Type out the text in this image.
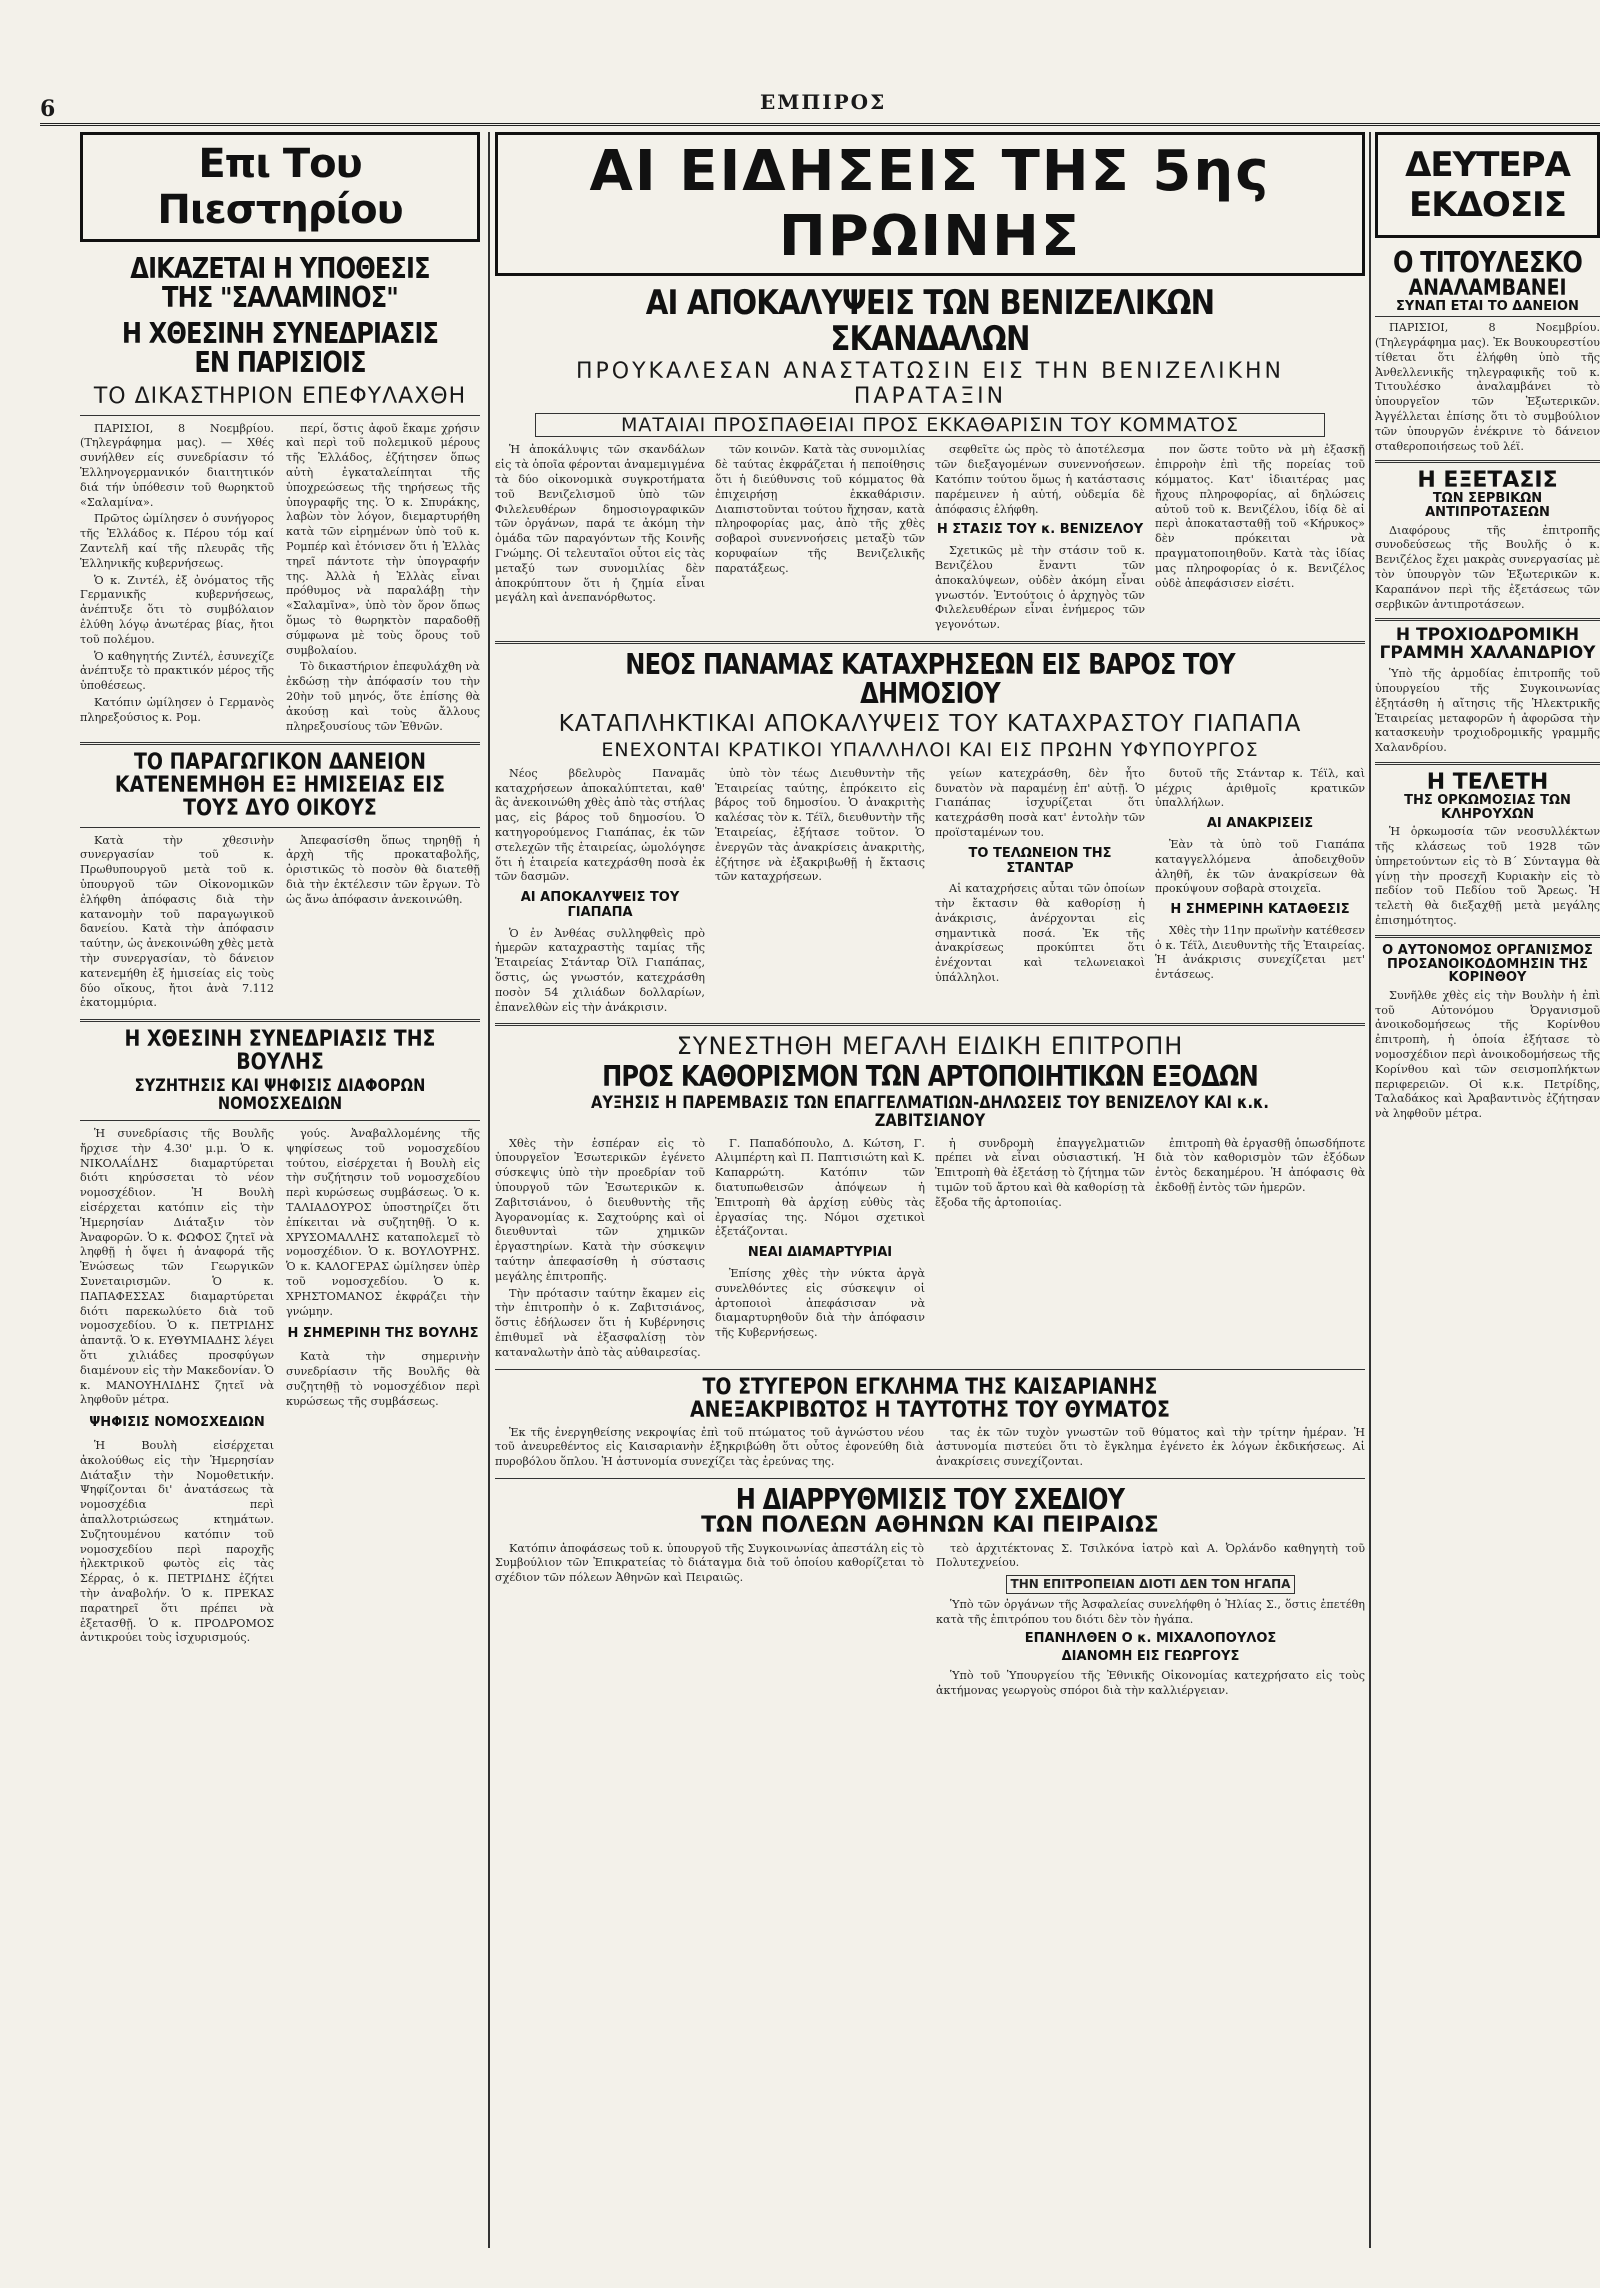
6	ΕΜΠΙΡΟΣ
Επι Του Πιεστηρίου
ΔΙΚΑΖΕΤΑΙ Η ΥΠΟΘΕΣΙΣ ΤΗΣ "ΣΑΛΑΜΙΝΟΣ"
Η ΧΘΕΣΙΝΗ ΣΥΝΕΔΡΙΑΣΙΣ ΕΝ ΠΑΡΙΣΙΟΙΣ
ΤΟ ΔΙΚΑΣΤΗΡΙΟΝ ΕΠΕΦΥΛΑΧΘΗ

ΠΑΡΙΣΙΟΙ, 8 Νοεμβρίου. (Τηλεγράφημα μας). — Χθές συνήλθεν είς συνεδρίασιν τό Ἑλληνογερμανικόν διαιτητικόν διά τήν ὑπόθεσιν τοῦ θωρηκτοῦ «Σαλαμίνα».

Πρῶτος ὡμίλησεν ὁ συνήγορος τῆς Ἑλλάδος κ. Πέρου τόμ καί Ζαντελῆ καί τῆς πλευρᾶς τῆς Ἑλληνικῆς κυβερνήσεως.

Ὁ κ. Ζιντέλ, ἐξ ὀνόματος τῆς Γερμανικῆς κυβερνήσεως, ἀνέπτυξε ὅτι τὸ συμβόλαιον ἐλύθη λόγῳ ἀνωτέρας βίας, ἤτοι τοῦ πολέμου.

Ὁ καθηγητής Ζιντέλ, ἐσυνεχίζε ἀνέπτυξε τὸ πρακτικόν μέρος τῆς ὑποθέσεως.

Κατόπιν ὡμίλησεν ὁ Γερμανὸς πληρεξούσιος κ. Ρομ.

περί, ὅστις ἀφοῦ ἔκαμε χρήσιν καὶ περὶ τοῦ πολεμικοῦ μέρους τῆς Ἑλλάδος, ἐζήτησεν ὅπως αὐτὴ ἐγκαταλείπηται τῆς ὑποχρεώσεως τῆς τηρήσεως τῆς ὑπογραφῆς της. Ὁ κ. Σπυράκης, λαβὼν τὸν λόγον, διεμαρτυρήθη κατὰ τῶν εἰρημένων ὑπὸ τοῦ κ. Ρομπέρ καὶ ἐτόνισεν ὅτι ἡ Ἑλλὰς τηρεῖ πάντοτε τὴν ὑπογραφήν της. Ἀλλὰ ἡ Ἑλλὰς εἶναι πρόθυμος νὰ παραλάβῃ τὴν «Σαλαμῖνα», ὑπὸ τὸν ὅρον ὅπως ὅμως τὸ θωρηκτὸν παραδοθῇ σύμφωνα μὲ τοὺς ὅρους τοῦ συμβολαίου.

Τὸ δικαστήριον ἐπεφυλάχθη νὰ ἐκδώσῃ τὴν ἀπόφασίν του τὴν 20ὴν τοῦ μηνός, ὅτε ἐπίσης θὰ ἀκούσῃ καὶ τοὺς ἄλλους πληρεξουσίους τῶν Ἐθνῶν.

ΤΟ ΠΑΡΑΓΩΓΙΚΟΝ ΔΑΝΕΙΟΝ ΚΑΤΕΝΕΜΗΘΗ ΕΞ ΗΜΙΣΕΙΑΣ ΕΙΣ ΤΟΥΣ ΔΥΟ ΟΙΚΟΥΣ

Κατὰ τὴν χθεσινὴν συνεργασίαν τοῦ κ. Πρωθυπουργοῦ μετὰ τοῦ κ. ὑπουργοῦ τῶν Οἰκονομικῶν ἐλήφθη ἀπόφασις διὰ τὴν κατανομὴν τοῦ παραγωγικοῦ δανείου. Κατὰ τὴν ἀπόφασιν ταύτην, ὡς ἀνεκοινώθη χθὲς μετὰ τὴν συνεργασίαν, τὸ δάνειον κατενεμήθη ἐξ ἡμισείας εἰς τοὺς δύο οἴκους, ἤτοι ἀνὰ 7.112 ἑκατομμύρια.

Ἀπεφασίσθη ὅπως τηρηθῇ ἡ ἀρχὴ τῆς προκαταβολῆς, ὁριστικῶς τὸ ποσὸν θὰ διατεθῇ διὰ τὴν ἐκτέλεσιν τῶν ἔργων. Τὸ ὡς ἄνω ἀπόφασιν ἀνεκοινώθη.

Η ΧΘΕΣΙΝΗ ΣΥΝΕΔΡΙΑΣΙΣ ΤΗΣ ΒΟΥΛΗΣ
ΣΥΖΗΤΗΣΙΣ ΚΑΙ ΨΗΦΙΣΙΣ ΔΙΑΦΟΡΩΝ ΝΟΜΟΣΧΕΔΙΩΝ

Ἡ συνεδρίασις τῆς Βουλῆς ἤρχισε τὴν 4.30' μ.μ. Ὁ κ. ΝΙΚΟΛΑΐΔΗΣ διαμαρτύρεται διότι κηρύσσεται τὸ νέον νομοσχέδιον. Ἡ Βουλὴ εἰσέρχεται κατόπιν εἰς τὴν Ἡμερησίαν Διάταξιν τὸν Ἀναφορῶν. Ὁ κ. ΦΩΦΟΣ ζητεῖ νὰ ληφθῇ ἡ ὄψει ἡ ἀναφορά τῆς Ἑνώσεως τῶν Γεωργικῶν Συνεταιρισμῶν. Ὁ κ. ΠΑΠΑΦΕΣΣΑΣ διαμαρτύρεται διότι παρεκωλύετο διὰ τοῦ νομοσχεδίου. Ὁ κ. ΠΕΤΡΙΔΗΣ ἀπαντᾷ. Ὁ κ. ΕΥΘΥΜΙΑΔΗΣ λέγει ὅτι χιλιάδες προσφύγων διαμένουν εἰς τὴν Μακεδονίαν. Ὁ κ. ΜΑΝΟΥΗΛΙΔΗΣ ζητεῖ νὰ ληφθοῦν μέτρα.

ΨΗΦΙΣΙΣ ΝΟΜΟΣΧΕΔΙΩΝ

Ἡ Βουλὴ εἰσέρχεται ἀκολούθως εἰς τὴν Ἡμερησίαν Διάταξιν τὴν Νομοθετικήν. Ψηφίζονται δι' ἀνατάσεως τὰ νομοσχέδια περὶ ἀπαλλοτριώσεως κτημάτων. Συζητουμένου κατόπιν τοῦ νομοσχεδίου περὶ παροχῆς ἠλεκτρικοῦ φωτὸς εἰς τὰς Σέρρας, ὁ κ. ΠΕΤΡΙΔΗΣ ἐζήτει τὴν ἀναβολήν. Ὁ κ. ΠΡΕΚΑΣ παρατηρεῖ ὅτι πρέπει νὰ ἐξετασθῇ. Ὁ κ. ΠΡΟΔΡΟΜΟΣ ἀντικρούει τοὺς ἰσχυρισμούς.

γούς. Ἀναβαλλομένης τῆς ψηφίσεως τοῦ νομοσχεδίου τούτου, εἰσέρχεται ἡ Βουλὴ εἰς τὴν συζήτησιν τοῦ νομοσχεδίου περὶ κυρώσεως συμβάσεως. Ὁ κ. ΤΑΛΙΑΔΟΥΡΟΣ ὑποστηρίζει ὅτι ἐπίκειται νὰ συζητηθῇ. Ὁ κ. ΧΡΥΣΟΜΑΛΛΗΣ καταπολεμεῖ τὸ νομοσχέδιον. Ὁ κ. ΒΟΥΛΟΥΡΗΣ. Ὁ κ. ΚΑΛΟΓΕΡΑΣ ὡμίλησεν ὑπὲρ τοῦ νομοσχεδίου. Ὁ κ. ΧΡΗΣΤΟΜΑΝΟΣ ἐκφράζει τὴν γνώμην.

Η ΣΗΜΕΡΙΝΗ ΤΗΣ ΒΟΥΛΗΣ

Κατὰ τὴν σημερινὴν συνεδρίασιν τῆς Βουλῆς θὰ συζητηθῇ τὸ νομοσχέδιον περὶ κυρώσεως τῆς συμβάσεως.

ΑΙ ΕΙΔΗΣΕΙΣ ΤΗΣ 5ης ΠΡΩΙΝΗΣ
ΑΙ ΑΠΟΚΑΛΥΨΕΙΣ ΤΩΝ ΒΕΝΙΖΕΛΙΚΩΝ ΣΚΑΝΔΑΛΩΝ
ΠΡΟΥΚΑΛΕΣΑΝ ΑΝΑΣΤΑΤΩΣΙΝ ΕΙΣ ΤΗΝ ΒΕΝΙΖΕΛΙΚΗΝ ΠΑΡΑΤΑΞΙΝ
ΜΑΤΑΙΑΙ ΠΡΟΣΠΑΘΕΙΑΙ ΠΡΟΣ ΕΚΚΑΘΑΡΙΣΙΝ ΤΟΥ ΚΟΜΜΑΤΟΣ

Ἡ ἀποκάλυψις τῶν σκανδάλων εἰς τὰ ὁποῖα φέρονται ἀναμεμιγμένα τὰ δύο οἰκονομικὰ συγκροτήματα τοῦ Βενιζελισμοῦ ὑπὸ τῶν Φιλελευθέρων δημοσιογραφικῶν τῶν ὀργάνων, παρά τε ἀκόμη τὴν ὁμάδα τῶν παραγόντων τῆς Κοινῆς Γνώμης. Οἱ τελευταῖοι οὗτοι εἰς τὰς μεταξύ των συνομιλίας δὲν ἀποκρύπτουν ὅτι ἡ ζημία εἶναι μεγάλη καὶ ἀνεπανόρθωτος.

τῶν κοινῶν. Κατὰ τὰς συνομιλίας δὲ ταύτας ἐκφράζεται ἡ πεποίθησις ὅτι ἡ διεύθυνσις τοῦ κόμματος θὰ ἐπιχειρήσῃ ἐκκαθάρισιν. Διαπιστοῦνται τούτου ἤχησαν, κατὰ πληροφορίας μας, ἀπὸ τῆς χθὲς σοβαροὶ συνεννοήσεις μεταξὺ τῶν κορυφαίων τῆς Βενιζελικῆς παρατάξεως.

σεφθεῖτε ὡς πρὸς τὸ ἀποτέλεσμα τῶν διεξαγομένων συνεννοήσεων. Κατόπιν τούτου ὅμως ἡ κατάστασις παρέμεινεν ἡ αὐτή, οὐδεμία δὲ ἀπόφασις ἐλήφθη.

Η ΣΤΑΣΙΣ ΤΟΥ κ. ΒΕΝΙΖΕΛΟΥ

Σχετικῶς μὲ τὴν στάσιν τοῦ κ. Βενιζέλου ἔναντι τῶν ἀποκαλύψεων, οὐδὲν ἀκόμη εἶναι γνωστόν. Ἐντούτοις ὁ ἀρχηγὸς τῶν Φιλελευθέρων εἶναι ἐνήμερος τῶν γεγονότων.

πον ὥστε τοῦτο νὰ μὴ ἐξασκῇ ἐπιρροὴν ἐπὶ τῆς πορείας τοῦ κόμματος. Κατ' ἰδιαιτέρας μας ἤχους πληροφορίας, αἱ δηλώσεις αὐτοῦ τοῦ κ. Βενιζέλου, ἰδίᾳ δὲ αἱ περὶ ἀποκατασταθῇ τοῦ «Κήρυκος» δὲν πρόκειται νὰ πραγματοποιηθοῦν. Κατὰ τὰς ἰδίας μας πληροφορίας ὁ κ. Βενιζέλος οὐδὲ ἀπεφάσισεν εἰσέτι.

ΝΕΟΣ ΠΑΝΑΜΑΣ ΚΑΤΑΧΡΗΣΕΩΝ ΕΙΣ ΒΑΡΟΣ ΤΟΥ ΔΗΜΟΣΙΟΥ
ΚΑΤΑΠΛΗΚΤΙΚΑΙ ΑΠΟΚΑΛΥΨΕΙΣ ΤΟΥ ΚΑΤΑΧΡΑΣΤΟΥ ΓΙΑΠΑΠΑ
ΕΝΕΧΟΝΤΑΙ ΚΡΑΤΙΚΟΙ ΥΠΑΛΛΗΛΟΙ ΚΑΙ ΕΙΣ ΠΡΩΗΝ ΥΦΥΠΟΥΡΓΟΣ

Νέος βδελυρὸς Παναμᾶς καταχρήσεων ἀποκαλύπτεται, καθ' ἃς ἀνεκοινώθη χθὲς ἀπὸ τὰς στήλας μας, εἰς βάρος τοῦ δημοσίου. Ὁ κατηγορούμενος Γιαπάπας, ἐκ τῶν στελεχῶν τῆς ἑταιρείας, ὡμολόγησε ὅτι ἡ ἑταιρεία κατεχράσθη ποσὰ ἐκ τῶν δασμῶν.

ΑΙ ΑΠΟΚΑΛΥΨΕΙΣ ΤΟΥ ΓΙΑΠΑΠΑ

Ὁ ἐν Ἀνθέας συλληφθεὶς πρὸ ἡμερῶν καταχραστὴς ταμίας τῆς Ἑταιρείας Στάνταρ Ὀϊλ Γιαπάπας, ὅστις, ὡς γνωστόν, κατεχράσθη ποσὸν 54 χιλιάδων δολλαρίων, ἐπανελθὼν εἰς τὴν ἀνάκρισιν.

ὑπὸ τὸν τέως Διευθυντὴν τῆς Ἑταιρείας ταύτης, ἐπρόκειτο εἰς βάρος τοῦ δημοσίου. Ὁ ἀνακριτὴς καλέσας τὸν κ. Τέϊλ, διευθυντὴν τῆς Ἑταιρείας, ἐξήτασε τοῦτον. Ὁ ἐνεργῶν τὰς ἀνακρίσεις ἀνακριτὴς, ἐζήτησε νὰ ἐξακριβωθῇ ἡ ἔκτασις τῶν καταχρήσεων.

γείων κατεχράσθη, δὲν ἦτο δυνατὸν νὰ παραμένῃ ἐπ' αὐτῇ. Ὁ Γιαπάπας ἰσχυρίζεται ὅτι κατεχράσθη ποσὰ κατ' ἐντολὴν τῶν προϊσταμένων του.

ΤΟ ΤΕΛΩΝΕΙΟΝ ΤΗΣ ΣΤΑΝΤΑΡ

Αἱ καταχρήσεις αὗται τῶν ὁποίων τὴν ἔκτασιν θὰ καθορίσῃ ἡ ἀνάκρισις, ἀνέρχονται εἰς σημαντικὰ ποσά. Ἐκ τῆς ἀνακρίσεως προκύπτει ὅτι ἐνέχονται καὶ τελωνειακοὶ ὑπάλληλοι.

δυτοῦ τῆς Στάνταρ κ. Τέϊλ, καὶ μέχρις ἀριθμοῖς κρατικῶν ὑπαλλήλων.

ΑΙ ΑΝΑΚΡΙΣΕΙΣ

Ἐὰν τὰ ὑπὸ τοῦ Γιαπάπα καταγγελλόμενα ἀποδειχθοῦν ἀληθῆ, ἐκ τῶν ἀνακρίσεων θὰ προκύψουν σοβαρὰ στοιχεῖα.

Η ΣΗΜΕΡΙΝΗ ΚΑΤΑΘΕΣΙΣ

Χθὲς τὴν 11ην πρωϊνὴν κατέθεσεν ὁ κ. Τέϊλ, Διευθυντὴς τῆς Ἑταιρείας. Ἡ ἀνάκρισις συνεχίζεται μετ' ἐντάσεως.

ΣΥΝΕΣΤΗΘΗ ΜΕΓΑΛΗ ΕΙΔΙΚΗ ΕΠΙΤΡΟΠΗ
ΠΡΟΣ ΚΑΘΟΡΙΣΜΟΝ ΤΩΝ ΑΡΤΟΠΟΙΗΤΙΚΩΝ ΕΞΟΔΩΝ
ΑΥΞΗΣΙΣ Η ΠΑΡΕΜΒΑΣΙΣ ΤΩΝ ΕΠΑΓΓΕΛΜΑΤΙΩΝ-ΔΗΛΩΣΕΙΣ ΤΟΥ ΒΕΝΙΖΕΛΟΥ ΚΑΙ κ.κ. ΖΑΒΙΤΣΙΑΝΟΥ

Χθὲς τὴν ἑσπέραν εἰς τὸ ὑπουργεῖον Ἐσωτερικῶν ἐγένετο σύσκεψις ὑπὸ τὴν προεδρίαν τοῦ ὑπουργοῦ τῶν Ἐσωτερικῶν κ. Ζαβιτσιάνου, ὁ διευθυντὴς τῆς Ἀγορανομίας κ. Σαχτούρης καὶ οἱ διευθυνταὶ τῶν χημικῶν ἐργαστηρίων. Κατὰ τὴν σύσκεψιν ταύτην ἀπεφασίσθη ἡ σύστασις μεγάλης ἐπιτροπῆς.

Τὴν πρότασιν ταύτην ἔκαμεν εἰς τὴν ἐπιτροπὴν ὁ κ. Ζαβιτσιάνος, ὅστις ἐδήλωσεν ὅτι ἡ Κυβέρνησις ἐπιθυμεῖ νὰ ἐξασφαλίσῃ τὸν καταναλωτὴν ἀπὸ τὰς αὐθαιρεσίας.

Γ. Παπαδόπουλο, Δ. Κώτση, Γ. Αλιμπέρτη καὶ Π. Παπτισιώτη καὶ Κ. Καπαρρώτη. Κατόπιν τῶν διατυπωθεισῶν ἀπόψεων ἡ Ἐπιτροπὴ θὰ ἀρχίσῃ εὐθὺς τὰς ἐργασίας της. Νόμοι σχετικοὶ ἐξετάζονται.

ΝΕΑΙ ΔΙΑΜΑΡΤΥΡΙΑΙ

Ἐπίσης χθὲς τὴν νύκτα ἀργὰ συνελθόντες εἰς σύσκεψιν οἱ ἀρτοποιοὶ ἀπεφάσισαν νὰ διαμαρτυρηθοῦν διὰ τὴν ἀπόφασιν τῆς Κυβερνήσεως.

ἡ συνδρομὴ ἐπαγγελματιῶν πρέπει νὰ εἶναι οὐσιαστική. Ἡ Ἐπιτροπὴ θὰ ἐξετάσῃ τὸ ζήτημα τῶν τιμῶν τοῦ ἄρτου καὶ θὰ καθορίσῃ τὰ ἔξοδα τῆς ἀρτοποιίας.

ἐπιτροπὴ θὰ ἐργασθῇ ὁπωσδήποτε διὰ τὸν καθορισμὸν τῶν ἐξόδων ἐντὸς δεκαημέρου. Ἡ ἀπόφασις θὰ ἐκδοθῇ ἐντὸς τῶν ἡμερῶν.

ΤΟ ΣΤΥΓΕΡΟΝ ΕΓΚΛΗΜΑ ΤΗΣ ΚΑΙΣΑΡΙΑΝΗΣ
ΑΝΕΞΑΚΡΙΒΩΤΟΣ Η ΤΑΥΤΟΤΗΣ ΤΟΥ ΘΥΜΑΤΟΣ

Ἐκ τῆς ἐνεργηθείσης νεκροψίας ἐπὶ τοῦ πτώματος τοῦ ἀγνώστου νέου τοῦ ἀνευρεθέντος εἰς Καισαριανὴν ἐξηκριβώθη ὅτι οὗτος ἐφονεύθη διὰ πυροβόλου ὅπλου. Ἡ ἀστυνομία συνεχίζει τὰς ἐρεύνας της.

τας ἐκ τῶν τυχὸν γνωστῶν τοῦ θύματος καὶ τὴν τρίτην ἡμέραν. Ἡ ἀστυνομία πιστεύει ὅτι τὸ ἔγκλημα ἐγένετο ἐκ λόγων ἐκδικήσεως. Αἱ ἀνακρίσεις συνεχίζονται.

Η ΔΙΑΡΡΥΘΜΙΣΙΣ ΤΟΥ ΣΧΕΔΙΟΥ
ΤΩΝ ΠΟΛΕΩΝ ΑΘΗΝΩΝ ΚΑΙ ΠΕΙΡΑΙΩΣ

Κατόπιν ἀποφάσεως τοῦ κ. ὑπουργοῦ τῆς Συγκοινωνίας ἀπεστάλη εἰς τὸ Συμβούλιον τῶν Ἐπικρατείας τὸ διάταγμα διὰ τοῦ ὁποίου καθορίζεται τὸ σχέδιον τῶν πόλεων Ἀθηνῶν καὶ Πειραιῶς.

τεὸ ἀρχιτέκτονας Σ. Τσιλκόνα ἰατρὸ καὶ Α. Ὀρλάνδο καθηγητὴ τοῦ Πολυτεχνείου.

ΤΗΝ ΕΠΙΤΡΟΠΕΙΑΝ ΔΙΟΤΙ ΔΕΝ ΤΟΝ ΗΓΑΠΑ

Ὑπὸ τῶν ὀργάνων τῆς Ἀσφαλείας συνελήφθη ὁ Ἠλίας Σ., ὅστις ἐπετέθη κατὰ τῆς ἐπιτρόπου του διότι δὲν τὸν ἠγάπα.

ΕΠΑΝΗΛΘΕΝ Ο κ. ΜΙΧΑΛΟΠΟΥΛΟΣ
ΔΙΑΝΟΜΗ ΕΙΣ ΓΕΩΡΓΟΥΣ

Ὑπὸ τοῦ Ὑπουργείου τῆς Ἐθνικῆς Οἰκονομίας κατεχρήσατο εἰς τοὺς ἀκτήμονας γεωργοὺς σπόροι διὰ τὴν καλλιέργειαν.

ΔΕΥΤΕΡΑ ΕΚΔΟΣΙΣ
Ο ΤΙΤΟΥΛΕΣΚΟ
ΑΝΑΛΑΜΒΑΝΕΙ
ΣΥΝΑΠ ΕΤΑΙ ΤΟ ΔΑΝΕΙΟΝ

ΠΑΡΙΣΙΟΙ, 8 Νοεμβρίου. (Τηλεγράφημα μας). Ἐκ Βουκουρεστίου τίθεται ὅτι ἐλήφθη ὑπὸ τῆς Ἀνθελλενικῆς τηλεγραφικῆς τοῦ κ. Τιτουλέσκο ἀναλαμβάνει τὸ ὑπουργεῖον τῶν Ἐξωτερικῶν. Ἀγγέλλεται ἐπίσης ὅτι τὸ συμβούλιον τῶν ὑπουργῶν ἐνέκρινε τὸ δάνειον σταθεροποιήσεως τοῦ λέϊ.

Η ΕΞΕΤΑΣΙΣ
ΤΩΝ ΣΕΡΒΙΚΩΝ ΑΝΤΙΠΡΟΤΑΣΕΩΝ

Διαφόρους τῆς ἐπιτροπῆς συνοδεύσεως τῆς Βουλῆς ὁ κ. Βενιζέλος ἔχει μακρὰς συνεργασίας μὲ τὸν ὑπουργὸν τῶν Ἐξωτερικῶν κ. Καραπάνον περὶ τῆς ἐξετάσεως τῶν σερβικῶν ἀντιπροτάσεων.

Η ΤΡΟΧΙΟΔΡΟΜΙΚΗ ΓΡΑΜΜΗ ΧΑΛΑΝΔΡΙΟΥ

Ὑπὸ τῆς ἁρμοδίας ἐπιτροπῆς τοῦ ὑπουργείου τῆς Συγκοινωνίας ἐξητάσθη ἡ αἴτησις τῆς Ἠλεκτρικῆς Ἑταιρείας μεταφορῶν ἡ ἀφορῶσα τὴν κατασκευὴν τροχιοδρομικῆς γραμμῆς Χαλανδρίου.

Η ΤΕΛΕΤΗ
ΤΗΣ ΟΡΚΩΜΟΣΙΑΣ ΤΩΝ ΚΛΗΡΟΥΧΩΝ

Ἡ ὁρκωμοσία τῶν νεοσυλλέκτων τῆς κλάσεως τοῦ 1928 τῶν ὑπηρετούντων εἰς τὸ Β΄ Σύνταγμα θὰ γίνῃ τὴν προσεχῆ Κυριακὴν εἰς τὸ πεδίον τοῦ Πεδίου τοῦ Ἄρεως. Ἡ τελετὴ θὰ διεξαχθῇ μετὰ μεγάλης ἐπισημότητος.

Ο ΑΥΤΟΝΟΜΟΣ ΟΡΓΑΝΙΣΜΟΣ
ΠΡΟΣΑΝΟΙΚΟΔΟΜΗΣΙΝ ΤΗΣ ΚΟΡΙΝΘΟΥ

Συνῆλθε χθὲς εἰς τὴν Βουλὴν ἡ ἐπὶ τοῦ Αὐτονόμου Ὀργανισμοῦ ἀνοικοδομήσεως τῆς Κορίνθου ἐπιτροπὴ, ἡ ὁποία ἐξήτασε τὸ νομοσχέδιον περὶ ἀνοικοδομήσεως τῆς Κορίνθου καὶ τῶν σεισμοπλήκτων περιφερειῶν. Οἱ κ.κ. Πετρίδης, Ταλαδάκος καὶ Ἀραβαντινὸς ἐζήτησαν νὰ ληφθοῦν μέτρα.
